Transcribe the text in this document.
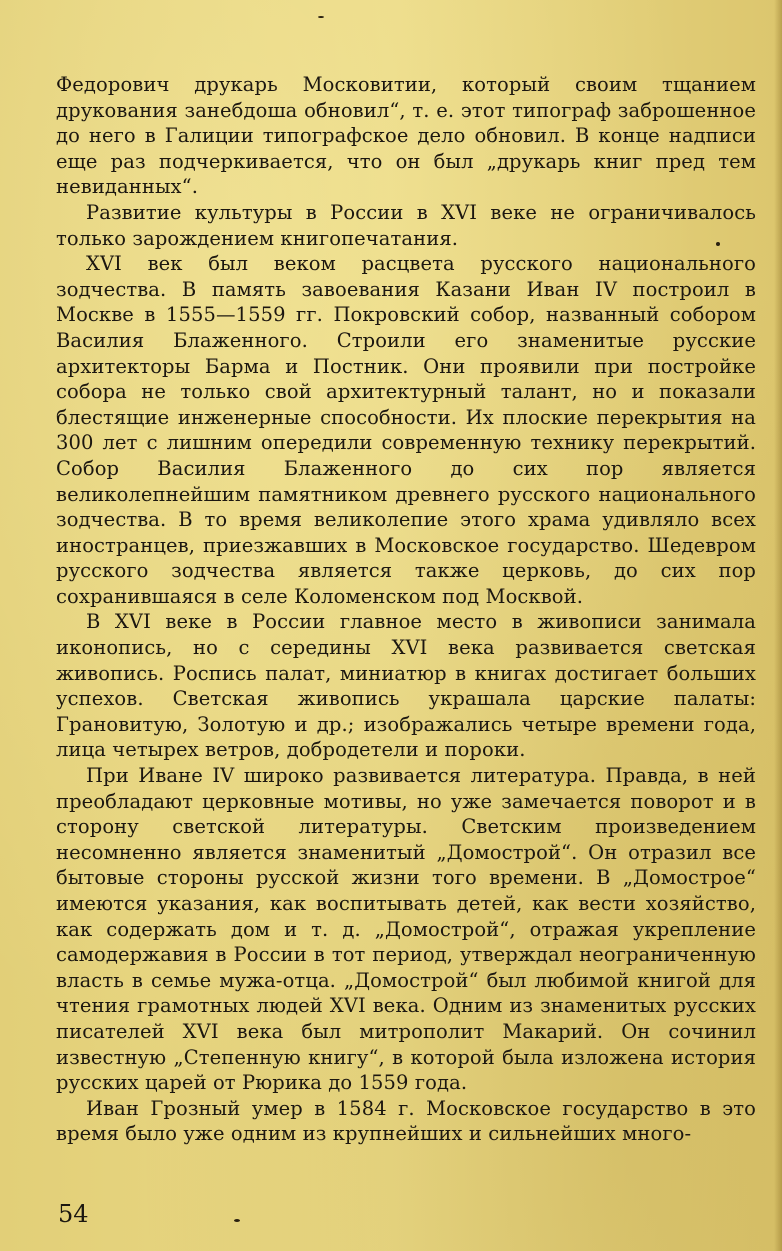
Федорович друкарь Московитии, который своим тщанием друкования занебдоша обновил“, т. е. этот типограф заброшенное до него в Галиции типографское дело обновил. В конце надписи еще раз подчеркивается, что он был „друкарь книг пред тем невиданных“.

Развитие культуры в России в XVI веке не ограничивалось только зарождением книгопечатания.

XVI век был веком расцвета русского национального зодчества. В память завоевания Казани Иван IV построил в Москве в 1555—1559 гг. Покровский собор, названный собором Василия Блаженного. Строили его знаменитые русские архитекторы Барма и Постник. Они проявили при постройке собора не только свой архитектурный талант, но и показали блестящие инженерные способности. Их плоские перекрытия на 300 лет с лишним опередили современную технику перекрытий. Собор Василия Блаженного до сих пор является великолепнейшим памятником древнего русского национального зодчества. В то время великолепие этого храма удивляло всех иностранцев, приезжавших в Московское государство. Шедевром русского зодчества является также церковь, до сих пор сохранившаяся в селе Коломенском под Москвой.

В XVI веке в России главное место в живописи занимала иконопись, но с середины XVI века развивается светская живопись. Роспись палат, миниатюр в книгах достигает больших успехов. Светская живопись украшала царские палаты: Грановитую, Золотую и др.; изображались четыре времени года, лица четырех ветров, добродетели и пороки.

При Иване IV широко развивается литература. Правда, в ней преобладают церковные мотивы, но уже замечается поворот и в сторону светской литературы. Светским произведением несомненно является знаменитый „Домострой“. Он отразил все бытовые стороны русской жизни того времени. В „Домострое“ имеются указания, как воспитывать детей, как вести хозяйство, как содержать дом и т. д. „Домострой“, отражая укрепление самодержавия в России в тот период, утверждал неограниченную власть в семье мужа-отца. „Домострой“ был любимой книгой для чтения грамотных людей XVI века. Одним из знаменитых русских писателей XVI века был митрополит Макарий. Он сочинил известную „Степенную книгу“, в которой была изложена история русских царей от Рюрика до 1559 года.

Иван Грозный умер в 1584 г. Московское государство в это время было уже одним из крупнейших и сильнейших много-

54
